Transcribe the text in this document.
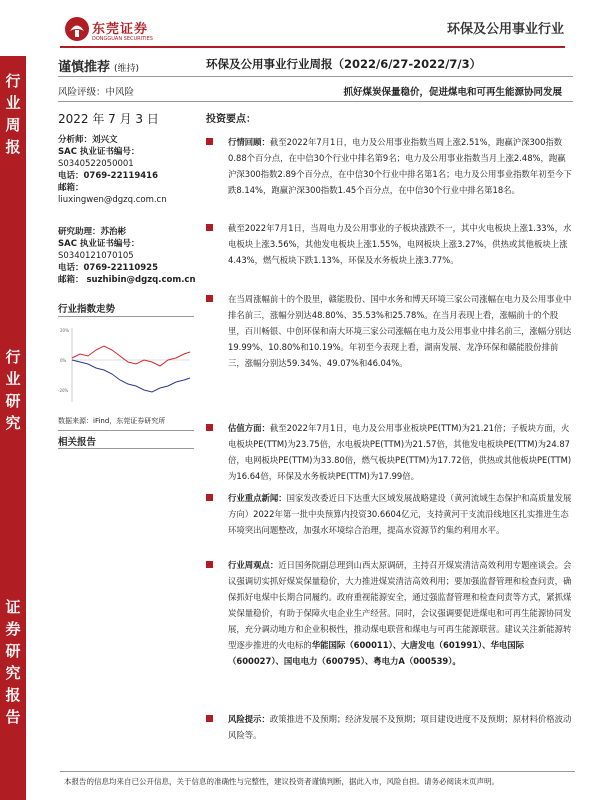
东莞证券
DONGGUAN SECURITIES
环保及公用事业行业
行业周报
行业研究
证券研究报告
谨慎推荐 (维持)	环保及公用事业行业周报（2022/6/27-2022/7/3）
风险评级：中风险	抓好煤炭保量稳价，促进煤电和可再生能源协同发展
2022 年 7 月 3 日	投资要点：
分析师：刘兴文
SAC 执业证书编号：
S0340522050001
电话：0769-22119416
邮箱：
liuxingwen@dgzq.com.cn
研究助理：苏治彬
SAC 执业证书编号：
S0340121070105
电话：0769-22110925
邮箱： suzhibin@dgzq.com.cn
行业指数走势
20%
0%
-20%
数据来源：iFind，东莞证券研究所
相关报告
行情回顾：截至2022年7月1日，电力及公用事业指数当周上涨2.51%，跑赢沪深300指数0.88个百分点，在中信30个行业中排名第9名；电力及公用事业指数当月上涨2.48%，跑赢沪深300指数2.89个百分点，在中信30个行业中排名第1名；电力及公用事业指数年初至今下跌8.14%，跑赢沪深300指数1.45个百分点，在中信30个行业中排名第18名。
截至2022年7月1日，当周电力及公用事业的子板块涨跌不一，其中火电板块上涨1.33%，水电板块上涨3.56%，其他发电板块上涨1.55%，电网板块上涨3.27%，供热或其他板块上涨4.43%，燃气板块下跌1.13%，环保及水务板块上涨3.77%。
在当周涨幅前十的个股里，赣能股份、国中水务和博天环境三家公司涨幅在电力及公用事业中排名前三，涨幅分别达48.80%、35.53%和25.78%。在当月表现上看，涨幅前十的个股里，百川畅银、中创环保和南大环境三家公司涨幅在电力及公用事业中排名前三，涨幅分别达19.99%、10.80%和10.19%。年初至今表现上看，湖南发展、龙净环保和赣能股份排前三，涨幅分别达59.34%、49.07%和46.04%。
估值方面：截至2022年7月1日，电力及公用事业板块PE(TTM)为21.21倍；子板块方面，火电板块PE(TTM)为23.75倍，水电板块PE(TTM)为21.57倍，其他发电板块PE(TTM)为24.87倍，电网板块PE(TTM)为33.80倍，燃气板块PE(TTM)为17.72倍，供热或其他板块PE(TTM)为16.64倍，环保及水务板块PE(TTM)为17.99倍。
行业重点新闻：国家发改委近日下达重大区域发展战略建设（黄河流域生态保护和高质量发展方向）2022年第一批中央预算内投资30.6604亿元，支持黄河干支流沿线地区扎实推进生态环境突出问题整改，加强水环境综合治理，提高水资源节约集约利用水平。
行业周观点：近日国务院副总理到山西太原调研，主持召开煤炭清洁高效利用专题座谈会。会议强调切实抓好煤炭保量稳价，大力推进煤炭清洁高效利用；要加强监督管理和检查问责，确保抓好电煤中长期合同履约。政府重视能源安全，通过强监督管理和检查问责等方式，紧抓煤炭保量稳价，有助于保障火电企业生产经营。同时，会议强调要促进煤电和可再生能源协同发展，充分调动地方和企业积极性，推动煤电联营和煤电与可再生能源联营。建议关注新能源转型逐步推进的火电标的华能国际（600011）、大唐发电（601991）、华电国际（600027）、国电电力（600795）、粤电力A（000539）。
风险提示：政策推进不及预期；经济发展不及预期；项目建设进度不及预期；原材料价格波动风险等。
本报告的信息均来自已公开信息，关于信息的准确性与完整性，建议投资者谨慎判断，据此入市，风险自担。请务必阅读末页声明。
